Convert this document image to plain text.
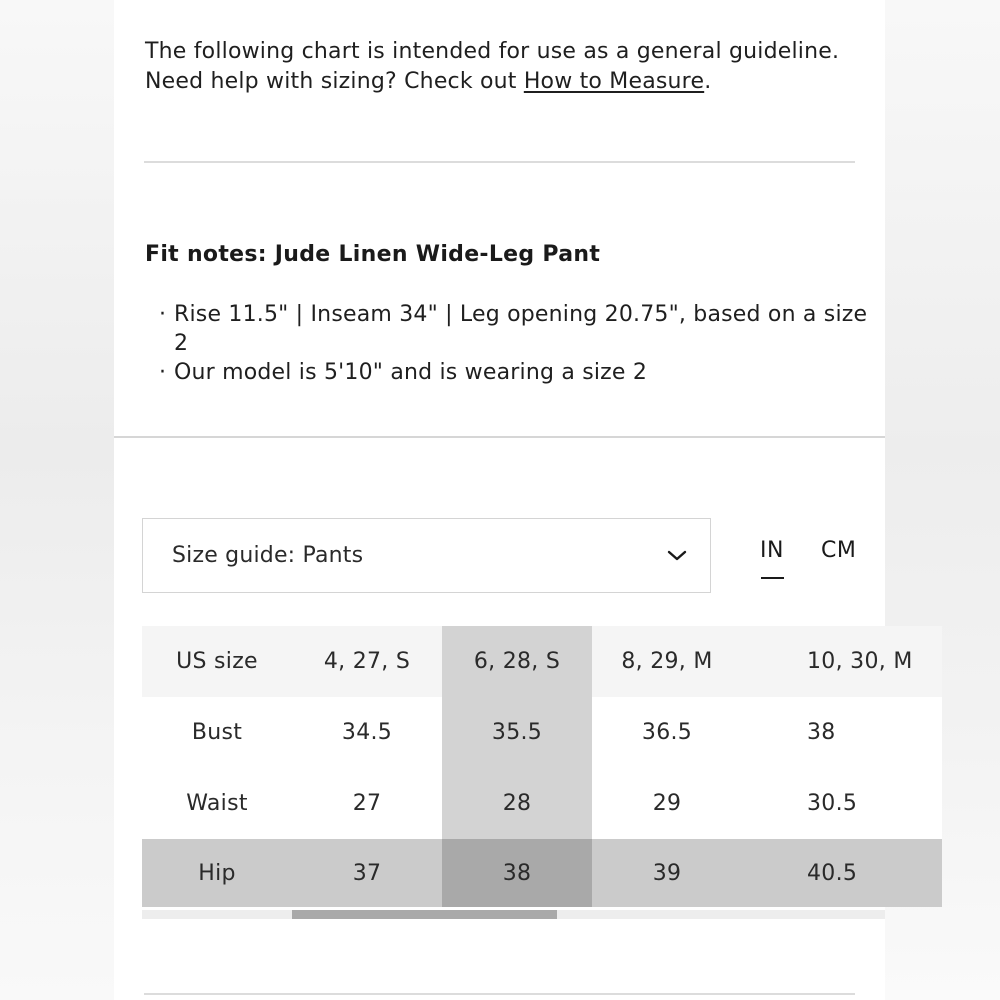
The following chart is intended for use as a general guideline.
Need help with sizing? Check out How to Measure.
Fit notes: Jude Linen Wide-Leg Pant
· Rise 11.5" | Inseam 34" | Leg opening 20.75", based on a size 2
· Our model is 5'10" and is wearing a size 2
Size guide: Pants	IN CM
US size	4, 27, S	6, 28, S	8, 29, M	10, 30, M
Bust	34.5	35.5	36.5	38
Waist	27	28	29	30.5
Hip	37	38	39	40.5
